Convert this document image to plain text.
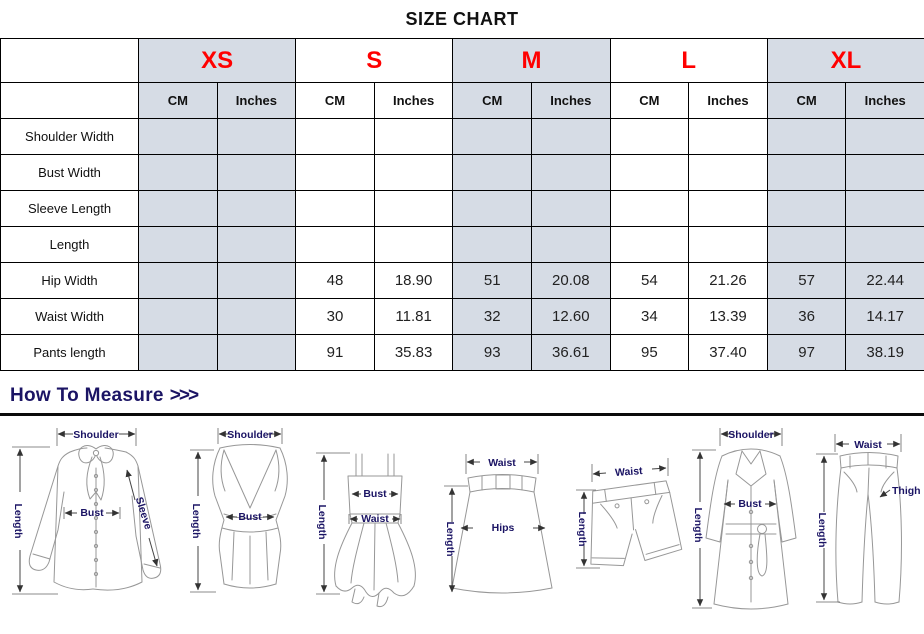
SIZE CHART
	XS		S		M		L		XL	
	CM	Inches	CM	Inches	CM	Inches	CM	Inches	CM	Inches
Shoulder Width										
Bust Width										
Sleeve Length										
Length										
Hip Width			48	18.90	51	20.08	54	21.26	57	22.44
Waist Width			30	11.81	32	12.60	34	13.39	36	14.17
Pants length			91	35.83	93	36.61	95	37.40	97	38.19
How To Measure >>>
Shoulder
Length	Bust	Sleeve
Shoulder
Length	Bust	Length
Bust
Waist
Waist
Length	Hips
Waist
Length
Shoulder
Length
Bust
Waist
Length
Thigh
